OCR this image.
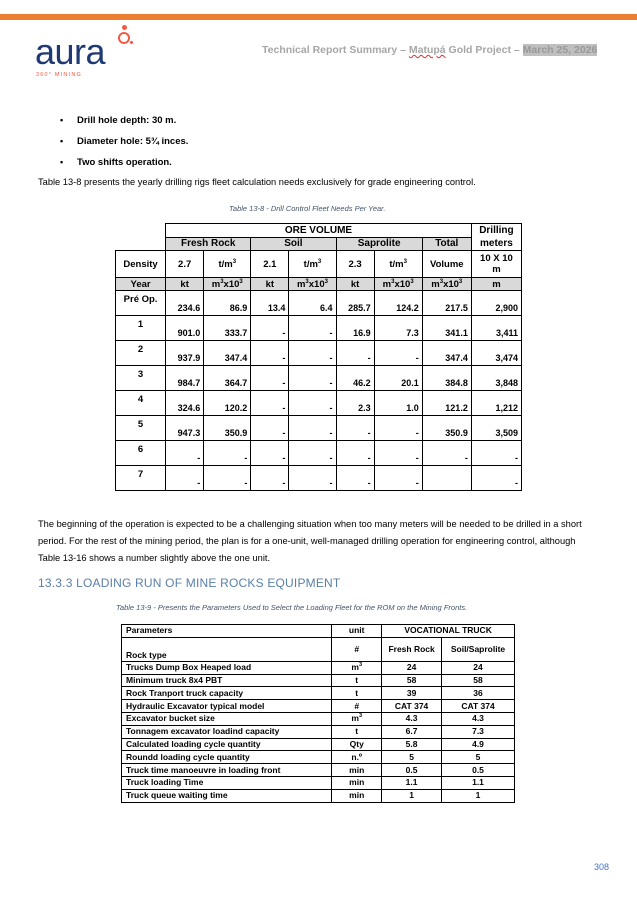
aura
360° MINING
Technical Report Summary – Matupá Gold Project – March 25, 2026
• Drill hole depth: 30 m.
• Diameter hole: 5¾ inces.
• Two shifts operation.

Table 13-8 presents the yearly drilling rigs fleet calculation needs exclusively for grade engineering control.

Table 13-8 - Drill Control Fleet Needs Per Year.
	ORE VOLUME							Drilling meters
	Fresh Rock		Soil		Saprolite		Total	
Density	2.7	$t/m^3$	2.1	$t/m^3$	2.3	$t/m^3$	Volume	10 X 10 m
Year	kt	$m^3x10^3$	kt	$m^3x10^3$	kt	$m^3x10^3$	$m^3x10^3$	m
Pré Op.	234.6	86.9	13.4	6.4	285.7	124.2	217.5	2,900
1	901.0	333.7	-	-	16.9	7.3	341.1	3,411
2	937.9	347.4	-	-	-	-	347.4	3,474
3	984.7	364.7	-	-	46.2	20.1	384.8	3,848
4	324.6	120.2	-	-	2.3	1.0	121.2	1,212
5	947.3	350.9	-	-	-	-	350.9	3,509
6	-	-	-	-	-	-	-	-
7	-	-	-	-	-	-		-

The beginning of the operation is expected to be a challenging situation when too many meters will be needed to be drilled in a short period. For the rest of the mining period, the plan is for a one-unit, well-managed drilling operation for engineering control, although Table 13-16 shows a number slightly above the one unit.

13.3.3 LOADING RUN OF MINE ROCKS EQUIPMENT
Table 13-9 - Presents the Parameters Used to Select the Loading Fleet for the ROM on the Mining Fronts.
Parameters	unit	VOCATIONAL TRUCK	
Rock type	#	Fresh Rock	Soil/Saprolite
Trucks Dump Box Heaped load	$m^3$	24	24
Minimum truck 8x4 PBT	t	58	58
Rock Tranport truck capacity	t	39	36
Hydraulic Excavator typical model	#	CAT 374	CAT 374
Excavator bucket size	$m^3$	4.3	4.3
Tonnagem excavator loadind capacity	t	6.7	7.3
Calculated loading cycle quantity	Qty	5.8	4.9
Roundd loading cycle quantity	n.º	5	5
Truck time manoeuvre in loading front	min	0.5	0.5
Truck loading Time	min	1.1	1.1
Truck queue waiting time	min	1	1
308
